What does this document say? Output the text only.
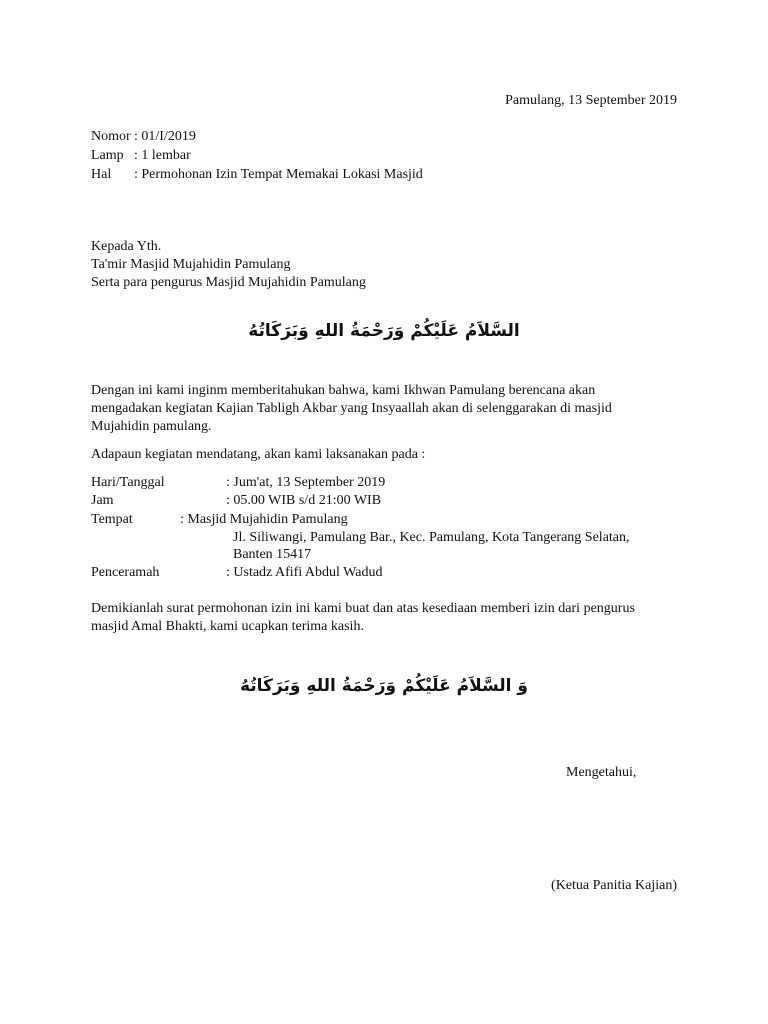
Pamulang, 13 September 2019
Nomor : 01/I/2019
Lamp : 1 lembar
Hal : Permohonan Izin Tempat Memakai Lokasi Masjid
Kepada Yth.
Ta'mir Masjid Mujahidin Pamulang
Serta para pengurus Masjid Mujahidin Pamulang
السَّلاَمُ عَلَيْكُمْ وَرَحْمَةُ اللهِ وَبَرَكَاتُهُ
Dengan ini kami inginm memberitahukan bahwa, kami Ikhwan Pamulang berencana akan
mengadakan kegiatan Kajian Tabligh Akbar yang Insyaallah akan di selenggarakan di masjid
Mujahidin pamulang.
Adapaun kegiatan mendatang, akan kami laksanakan pada :
Hari/Tanggal	: Jum'at, 13 September 2019
Jam	: 05.00 WIB s/d 21:00 WIB
Tempat	: Masjid Mujahidin Pamulang
Jl. Siliwangi, Pamulang Bar., Kec. Pamulang, Kota Tangerang Selatan,
Banten 15417
Penceramah	: Ustadz Afifi Abdul Wadud
Demikianlah surat permohonan izin ini kami buat dan atas kesediaan memberi izin dari pengurus
masjid Amal Bhakti, kami ucapkan terima kasih.
وَ السَّلاَمُ عَلَيْكُمْ وَرَحْمَةُ اللهِ وَبَرَكَاتُهُ
Mengetahui,
(Ketua Panitia Kajian)
